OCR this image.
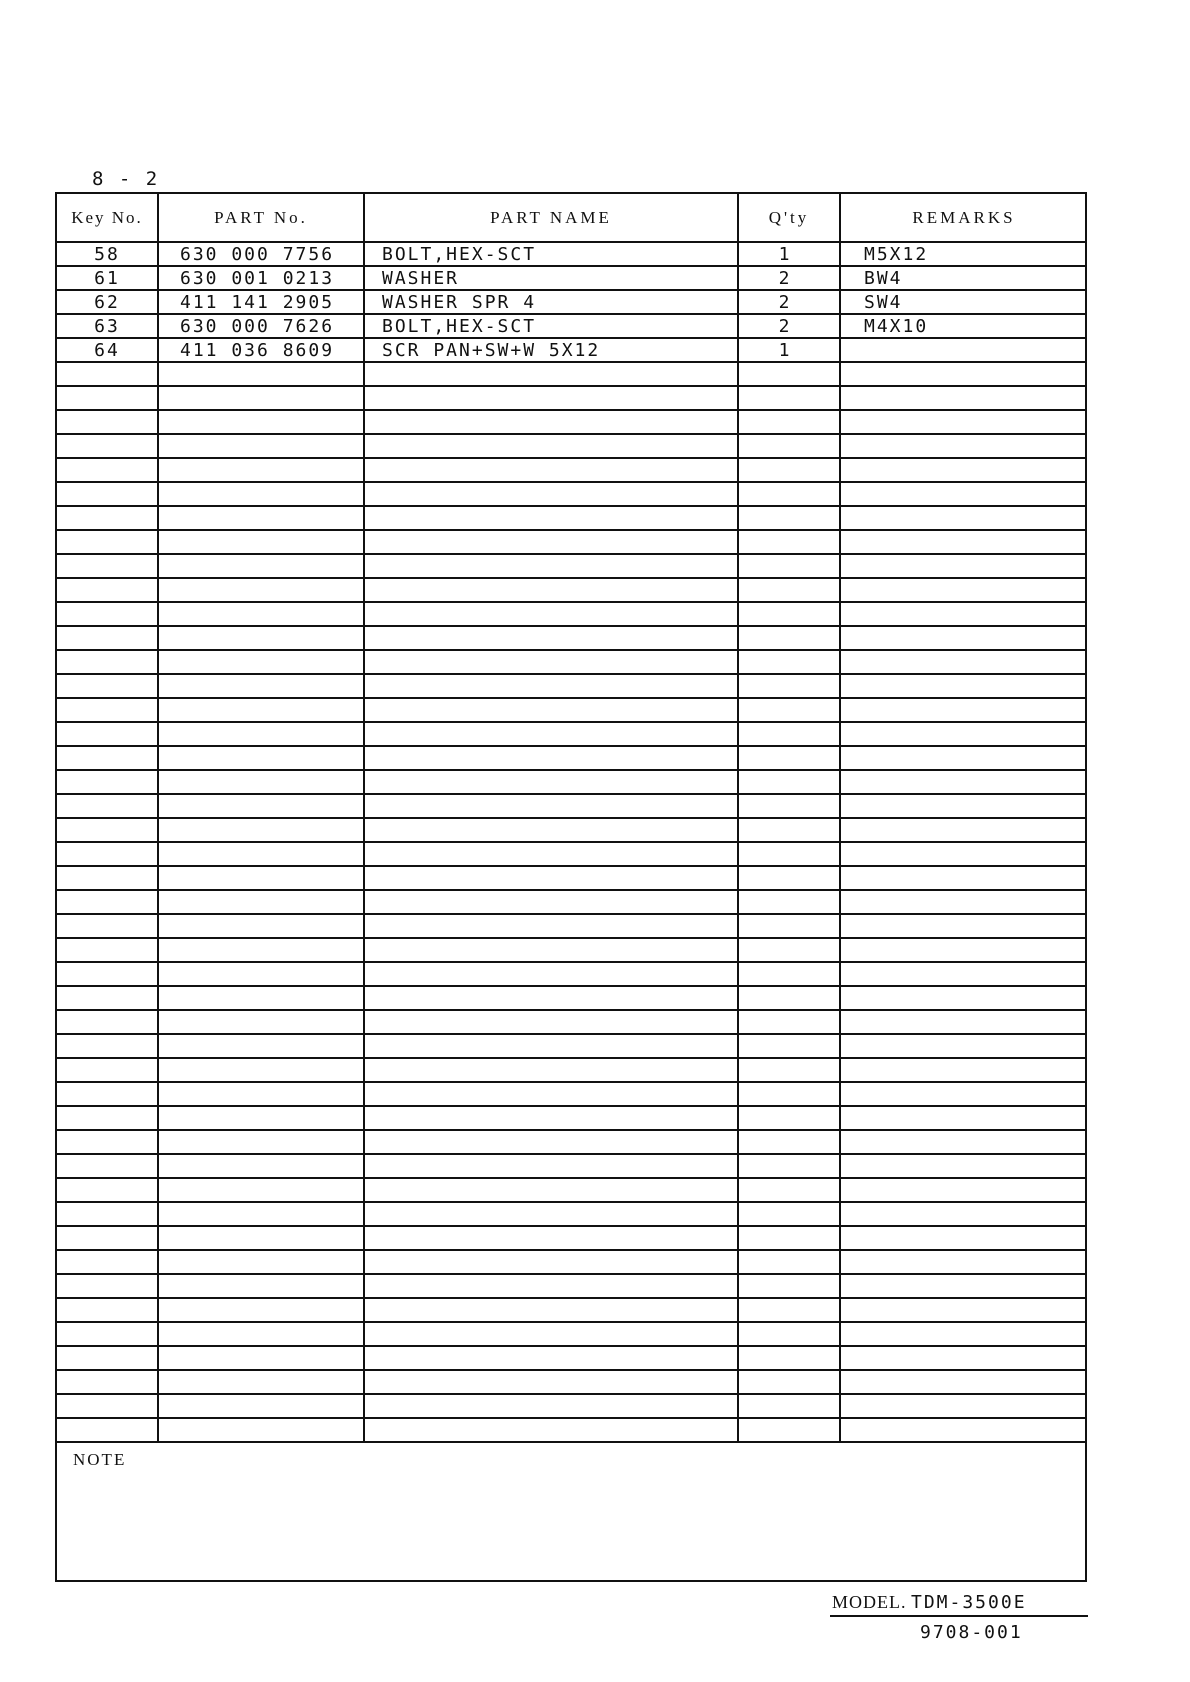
8 - 2
Key No.	PART No.	PART NAME	Q'ty	REMARKS
58	630 000 7756	BOLT,HEX-SCT	1	M5X12
61	630 001 0213	WASHER	2	BW4
62	411 141 2905	WASHER SPR 4	2	SW4
63	630 000 7626	BOLT,HEX-SCT	2	M4X10
64	411 036 8609	SCR PAN+SW+W 5X12	1
NOTE
MODEL. TDM-3500E
9708-001
